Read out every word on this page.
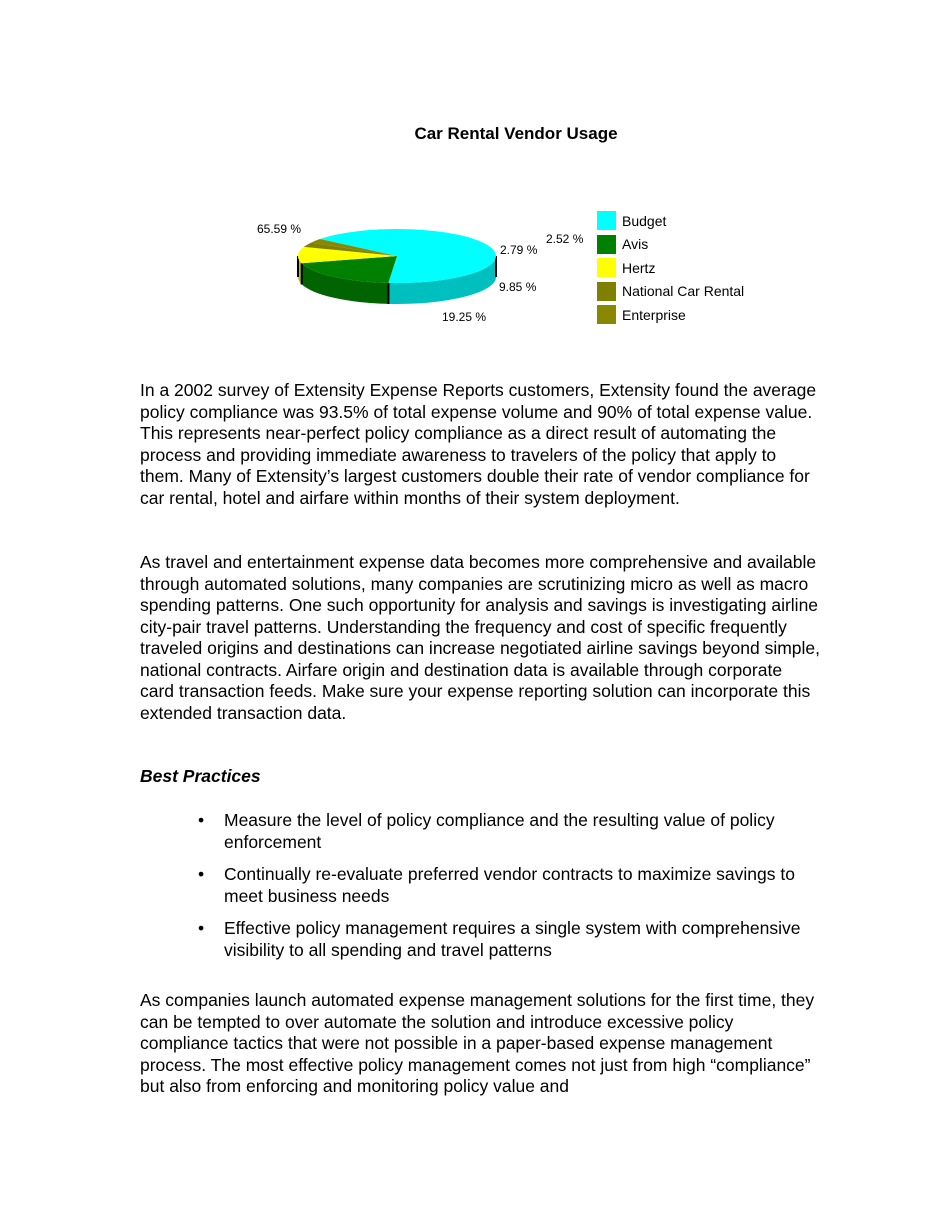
Car Rental Vendor Usage
65.59 %
19.25 %
9.85 %
2.79 %
2.52 %
Budget
Avis
Hertz
National Car Rental
Enterprise

In a 2002 survey of Extensity Expense Reports customers, Extensity found the average policy compliance was 93.5% of total expense volume and 90% of total expense value. This represents near-perfect policy compliance as a direct result of automating the process and providing immediate awareness to travelers of the policy that apply to them. Many of Extensity’s largest customers double their rate of vendor compliance for car rental, hotel and airfare within months of their system deployment.

As travel and entertainment expense data becomes more comprehensive and available through automated solutions, many companies are scrutinizing micro as well as macro spending patterns. One such opportunity for analysis and savings is investigating airline city-pair travel patterns. Understanding the frequency and cost of specific frequently traveled origins and destinations can increase negotiated airline savings beyond simple, national contracts. Airfare origin and destination data is available through corporate card transaction feeds. Make sure your expense reporting solution can incorporate this extended transaction data.

Best Practices
• Measure the level of policy compliance and the resulting value of policy enforcement
• Continually re-evaluate preferred vendor contracts to maximize savings to meet business needs
• Effective policy management requires a single system with comprehensive visibility to all spending and travel patterns

As companies launch automated expense management solutions for the first time, they can be tempted to over automate the solution and introduce excessive policy compliance tactics that were not possible in a paper-based expense management process. The most effective policy management comes not just from high “compliance” but also from enforcing and monitoring policy value and
